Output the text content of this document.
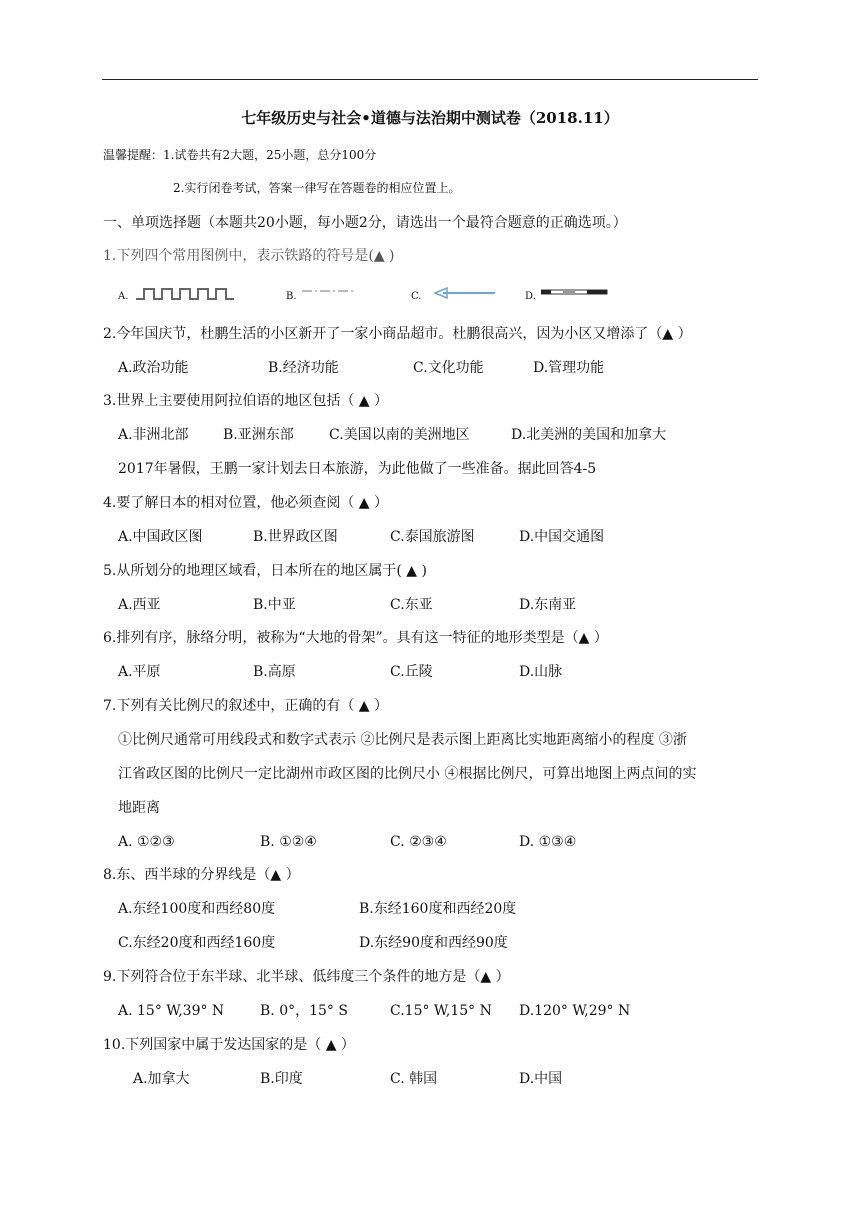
七年级历史与社会•道德与法治期中测试卷（2018.11）
温馨提醒：1.试卷共有2大题，25小题，总分100分
2.实行闭卷考试，答案一律写在答题卷的相应位置上。
一、单项选择题（本题共20小题，每小题2分，请选出一个最符合题意的正确选项。）
1.下列四个常用图例中，表示铁路的符号是(▲ )
A.	B.	C.	D.
2.今年国庆节，杜鹏生活的小区新开了一家小商品超市。杜鹏很高兴，因为小区又增添了（▲ ）
A.政治功能	B.经济功能	C.文化功能	D.管理功能
3.世界上主要使用阿拉伯语的地区包括（ ▲ ）
A.非洲北部 B.亚洲东部	C.美国以南的美洲地区	D.北美洲的美国和加拿大
2017年暑假，王鹏一家计划去日本旅游，为此他做了一些准备。据此回答4-5
4.要了解日本的相对位置，他必须查阅（ ▲ ）
A.中国政区图	B.世界政区图	C.泰国旅游图	D.中国交通图
5.从所划分的地理区域看，日本所在的地区属于( ▲ )
A.西亚	B.中亚	C.东亚	D.东南亚
6.排列有序，脉络分明，被称为“大地的骨架”。具有这一特征的地形类型是（▲ ）
A.平原	B.高原	C.丘陵	D.山脉
7.下列有关比例尺的叙述中，正确的有（ ▲ ）
①比例尺通常可用线段式和数字式表示 ②比例尺是表示图上距离比实地距离缩小的程度 ③浙
江省政区图的比例尺一定比湖州市政区图的比例尺小 ④根据比例尺，可算出地图上两点间的实
地距离
A. ①②③	B. ①②④	C. ②③④	D. ①③④
8.东、西半球的分界线是（▲ ）
A.东经100度和西经80度	B.东经160度和西经20度
C.东经20度和西经160度	D.东经90度和西经90度
9.下列符合位于东半球、北半球、低纬度三个条件的地方是（▲ ）
A. 15° W,39° N	B. 0°，15° S	C.15° W,15° N D.120° W,29° N
10.下列国家中属于发达国家的是（ ▲ ）
A.加拿大	B.印度	C. 韩国	D.中国
